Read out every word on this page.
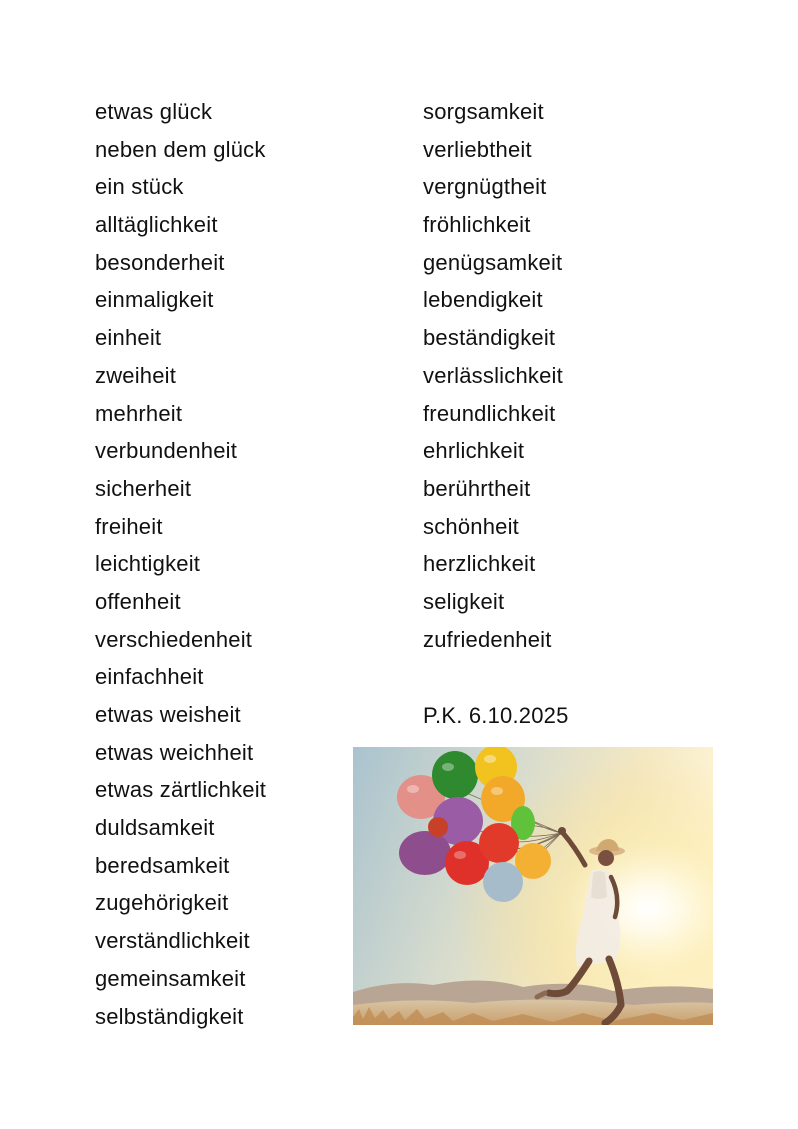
etwas glück
neben dem glück
ein stück
alltäglichkeit
besonderheit
einmaligkeit
einheit
zweiheit
mehrheit
verbundenheit
sicherheit
freiheit
leichtigkeit
offenheit
verschiedenheit
einfachheit
etwas weisheit
etwas weichheit
etwas zärtlichkeit
duldsamkeit
beredsamkeit
zugehörigkeit
verständlichkeit
gemeinsamkeit
selbständigkeit
sorgsamkeit
verliebtheit
vergnügtheit
fröhlichkeit
genügsamkeit
lebendigkeit
beständigkeit
verlässlichkeit
freundlichkeit
ehrlichkeit
berührtheit
schönheit
herzlichkeit
seligkeit
zufriedenheit
P.K. 6.10.2025
